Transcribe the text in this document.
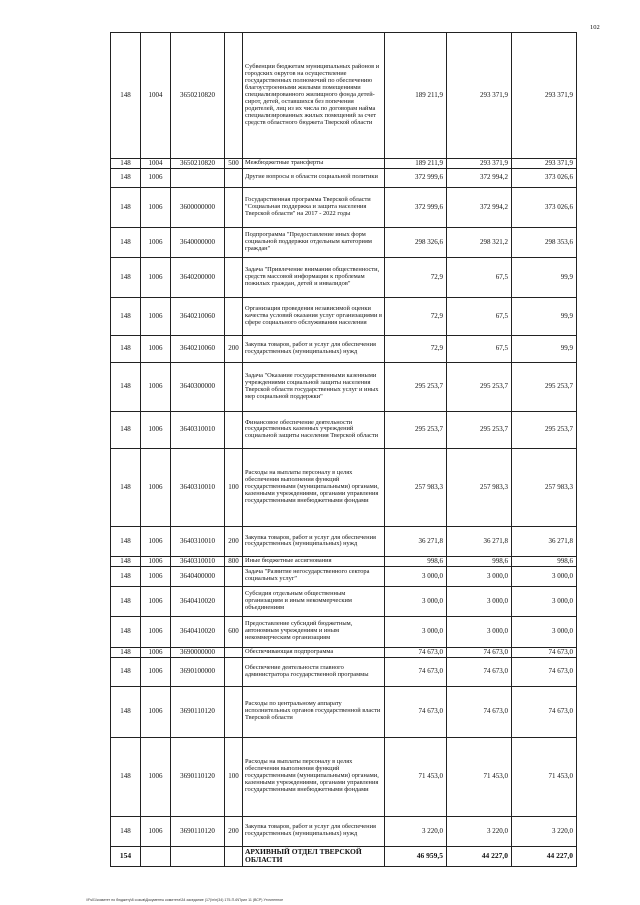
102
148	1004	3650210820		Субвенции бюджетам муниципальных районов и городских округов на осуществление государственных полномочий по обеспечению благоустроенными жилыми помещениями специализированного жилищного фонда детей-сирот, детей, оставшихся без попечения родителей, лиц из их числа по договорам найма специализированных жилых помещений за счет средств областного бюджета Тверской области	189 211,9	293 371,9	293 371,9
148	1004	3650210820	500	Межбюджетные трансферты	189 211,9	293 371,9	293 371,9
148	1006			Другие вопросы в области социальной политики	372 999,6	372 994,2	373 026,6
148	1006	3600000000		Государственная программа Тверской области "Социальная поддержка и защита населения Тверской области" на 2017 - 2022 годы	372 999,6	372 994,2	373 026,6
148	1006	3640000000		Подпрограмма "Предоставление иных форм социальной поддержки отдельным категориям граждан"	298 326,6	298 321,2	298 353,6
148	1006	3640200000		Задача "Привлечение внимания общественности, средств массовой информации к проблемам пожилых граждан, детей и инвалидов"	72,9	67,5	99,9
148	1006	3640210060		Организация проведения независимой оценки качества условий оказания услуг организациями в сфере социального обслуживания населения	72,9	67,5	99,9
148	1006	3640210060	200	Закупка товаров, работ и услуг для обеспечения государственных (муниципальных) нужд	72,9	67,5	99,9
148	1006	3640300000		Задача "Оказание государственными казенными учреждениями социальной защиты населения Тверской области государственных услуг и иных мер социальной поддержки"	295 253,7	295 253,7	295 253,7
148	1006	3640310010		Финансовое обеспечение деятельности государственных казенных учреждений социальной защиты населения Тверской области	295 253,7	295 253,7	295 253,7
148	1006	3640310010	100	Расходы на выплаты персоналу в целях обеспечения выполнения функций государственными (муниципальными) органами, казенными учреждениями, органами управления государственными внебюджетными фондами	257 983,3	257 983,3	257 983,3
148	1006	3640310010	200	Закупка товаров, работ и услуг для обеспечения государственных (муниципальных) нужд	36 271,8	36 271,8	36 271,8
148	1006	3640310010	800	Иные бюджетные ассигнования	998,6	998,6	998,6
148	1006	3640400000		Задача "Развитие негосударственного сектора социальных услуг"	3 000,0	3 000,0	3 000,0
148	1006	3640410020		Субсидия отдельным общественным организациям и иным некоммерческим объединениям	3 000,0	3 000,0	3 000,0
148	1006	3640410020	600	Предоставление субсидий бюджетным, автономным учреждениям и иным некоммерческим организациям	3 000,0	3 000,0	3 000,0
148	1006	3690000000		Обеспечивающая подпрограмма	74 673,0	74 673,0	74 673,0
148	1006	3690100000		Обеспечение деятельности главного администратора государственной программы	74 673,0	74 673,0	74 673,0
148	1006	3690110120		Расходы по центральному аппарату исполнительных органов государственной власти Тверской области	74 673,0	74 673,0	74 673,0
148	1006	3690110120	100	Расходы на выплаты персоналу в целях обеспечения выполнения функций государственными (муниципальными) органами, казенными учреждениями, органами управления государственными внебюджетными фондами	71 453,0	71 453,0	71 453,0
148	1006	3690110120	200	Закупка товаров, работ и услуг для обеспечения государственных (муниципальных) нужд	3 220,0	3 220,0	3 220,0
154				АРХИВНЫЙ ОТДЕЛ ТВЕРСКОЙ ОБЛАСТИ	46 959,5	44 227,0	44 227,0
\\Fs01\комитет по бюджету\8 созыв\Документы комитета\34 заседание (17)\п\п(34) 175-П-6\Прил 11 (ВСР) Уточненное
